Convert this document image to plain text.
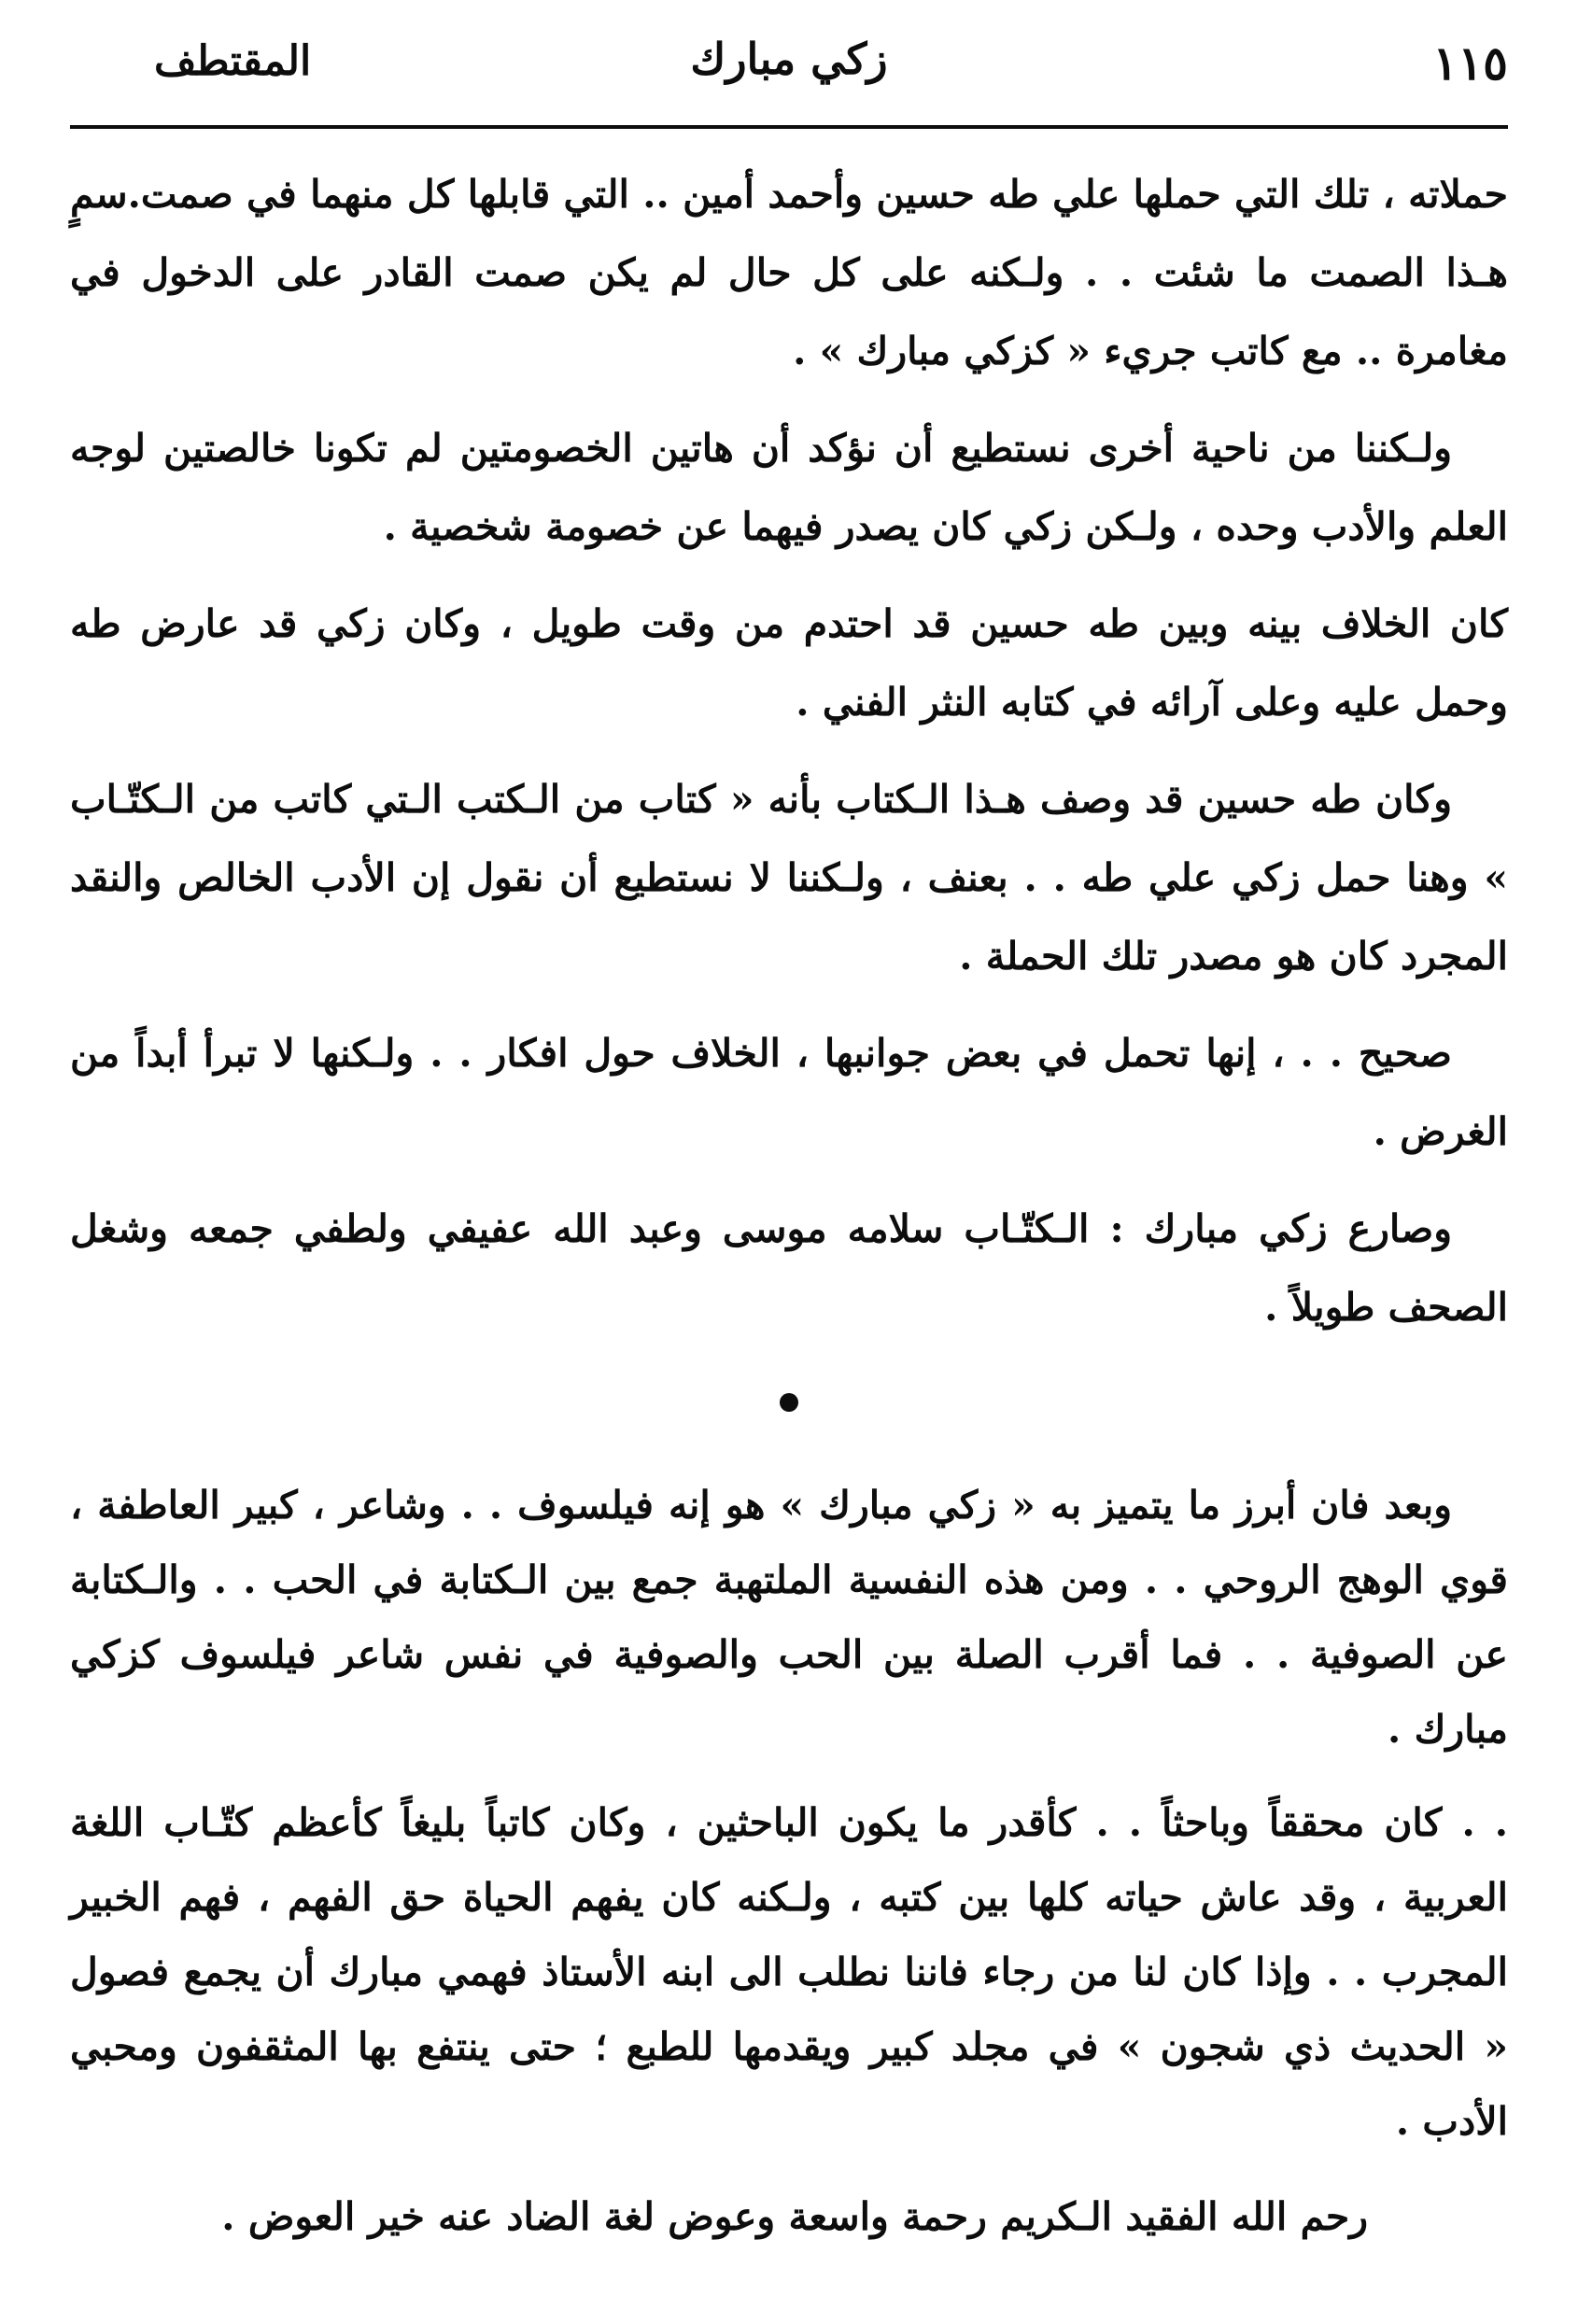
١١٥
زكي مبارك
المقتطف

حملاته ، تلك التي حملها علي طه حسين وأحمد أمين .. التي قابلها كل منهما في صمت.سمٍ هـذا الصمت ما شئت . . ولـكنه على كل حال لم يكن صمت القادر على الدخول في مغامرة .. مع كاتب جريء « كزكي مبارك » .

ولـكننا من ناحية أخرى نستطيع أن نؤكد أن هاتين الخصومتين لم تكونا خالصتين لوجه العلم والأدب وحده ، ولـكن زكي كان يصدر فيهما عن خصومة شخصية .

كان الخلاف بينه وبين طه حسين قد احتدم من وقت طويل ، وكان زكي قد عارض طه وحمل عليه وعلى آرائه في كتابه النثر الفني .

وكان طه حسين قد وصف هـذا الـكتاب بأنه « كتاب من الـكتب الـتي كاتب من الـكتّـاب » وهنا حمل زكي علي طه . . بعنف ، ولـكننا لا نستطيع أن نقول إن الأدب الخالص والنقد المجرد كان هو مصدر تلك الحملة .

صحيح . . ، إنها تحمل في بعض جوانبها ، الخلاف حول افكار . . ولـكنها لا تبرأ أبداً من الغرض .

وصارع زكي مبارك : الـكتّـاب سلامه موسى وعبد الله عفيفي ولطفي جمعه وشغل الصحف طويلاً .

وبعد فان أبرز ما يتميز به « زكي مبارك » هو إنه فيلسوف . . وشاعر ، كبير العاطفة ، قوي الوهج الروحي . . ومن هذه النفسية الملتهبة جمع بين الـكتابة في الحب . . والـكتابة عن الصوفية . . فما أقرب الصلة بين الحب والصوفية في نفس شاعر فيلسوف كزكي مبارك .

. . كان محققاً وباحثاً . . كأقدر ما يكون الباحثين ، وكان كاتباً بليغاً كأعظم كتّـاب اللغة العربية ، وقد عاش حياته كلها بين كتبه ، ولـكنه كان يفهم الحياة حق الفهم ، فهم الخبير المجرب . . وإذا كان لنا من رجاء فاننا نطلب الى ابنه الأستاذ فهمي مبارك أن يجمع فصول « الحديث ذي شجون » في مجلد كبير ويقدمها للطبع ؛ حتى ينتفع بها المثقفون ومحبي الأدب .

رحم الله الفقيد الـكريم رحمة واسعة وعوض لغة الضاد عنه خير العوض .
